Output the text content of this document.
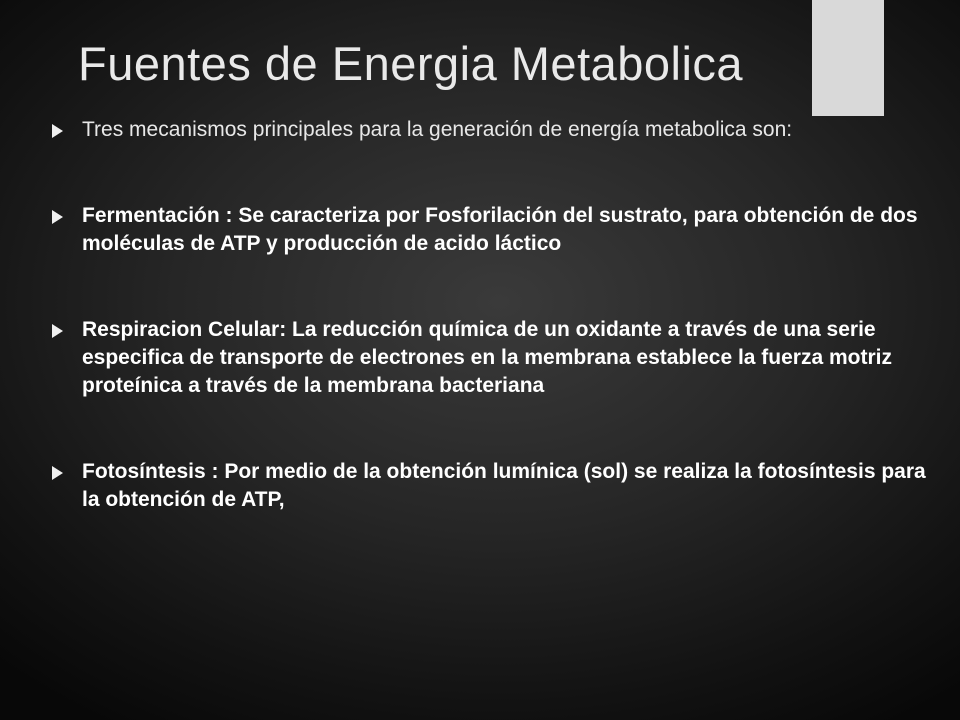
Fuentes de Energia Metabolica
Tres mecanismos principales para la generación de energía metabolica son:
Fermentación : Se caracteriza por Fosforilación del sustrato, para obtención de dos moléculas de ATP y producción de acido láctico
Respiracion Celular: La reducción química de un oxidante a través de una serie especifica de transporte de electrones en la membrana establece la fuerza motriz proteínica a través de la membrana bacteriana
Fotosíntesis : Por medio de la obtención lumínica (sol) se realiza la fotosíntesis para la obtención de ATP,
